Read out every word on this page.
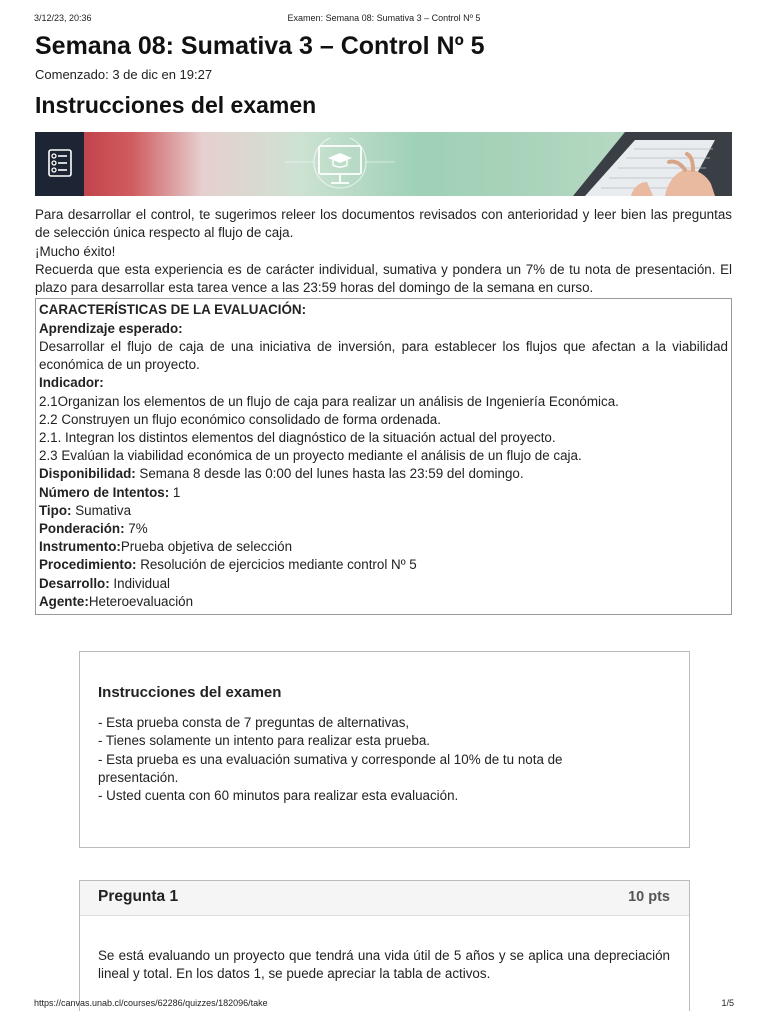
3/12/23, 20:36	Examen: Semana 08: Sumativa 3 – Control Nº 5
Semana 08: Sumativa 3 – Control Nº 5
Comenzado: 3 de dic en 19:27
Instrucciones del examen

Para desarrollar el control, te sugerimos releer los documentos revisados con anterioridad y leer bien las preguntas de selección única respecto al flujo de caja.

¡Mucho éxito!

Recuerda que esta experiencia es de carácter individual, sumativa y pondera un 7% de tu nota de presentación. El plazo para desarrollar esta tarea vence a las 23:59 horas del domingo de la semana en curso.

CARACTERÍSTICAS DE LA EVALUACIÓN:

Aprendizaje esperado:

Desarrollar el flujo de caja de una iniciativa de inversión, para establecer los flujos que afectan a la viabilidad económica de un proyecto.

Indicador:

2.1Organizan los elementos de un flujo de caja para realizar un análisis de Ingeniería Económica.

2.2 Construyen un flujo económico consolidado de forma ordenada.

2.1. Integran los distintos elementos del diagnóstico de la situación actual del proyecto.

2.3 Evalúan la viabilidad económica de un proyecto mediante el análisis de un flujo de caja.

Disponibilidad: Semana 8 desde las 0:00 del lunes hasta las 23:59 del domingo.

Número de Intentos: 1

Tipo: Sumativa

Ponderación: 7%

Instrumento:Prueba objetiva de selección

Procedimiento: Resolución de ejercicios mediante control Nº 5

Desarrollo: Individual

Agente:Heteroevaluación

Instrucciones del examen

- Esta prueba consta de 7 preguntas de alternativas,

- Tienes solamente un intento para realizar esta prueba.

- Esta prueba es una evaluación sumativa y corresponde al 10% de tu nota de presentación.

- Usted cuenta con 60 minutos para realizar esta evaluación.

Pregunta 1	10 pts
Se está evaluando un proyecto que tendrá una vida útil de 5 años y se aplica una depreciación lineal y total. En los datos 1, se puede apreciar la tabla de activos.
https://canvas.unab.cl/courses/62286/quizzes/182096/take	1/5
